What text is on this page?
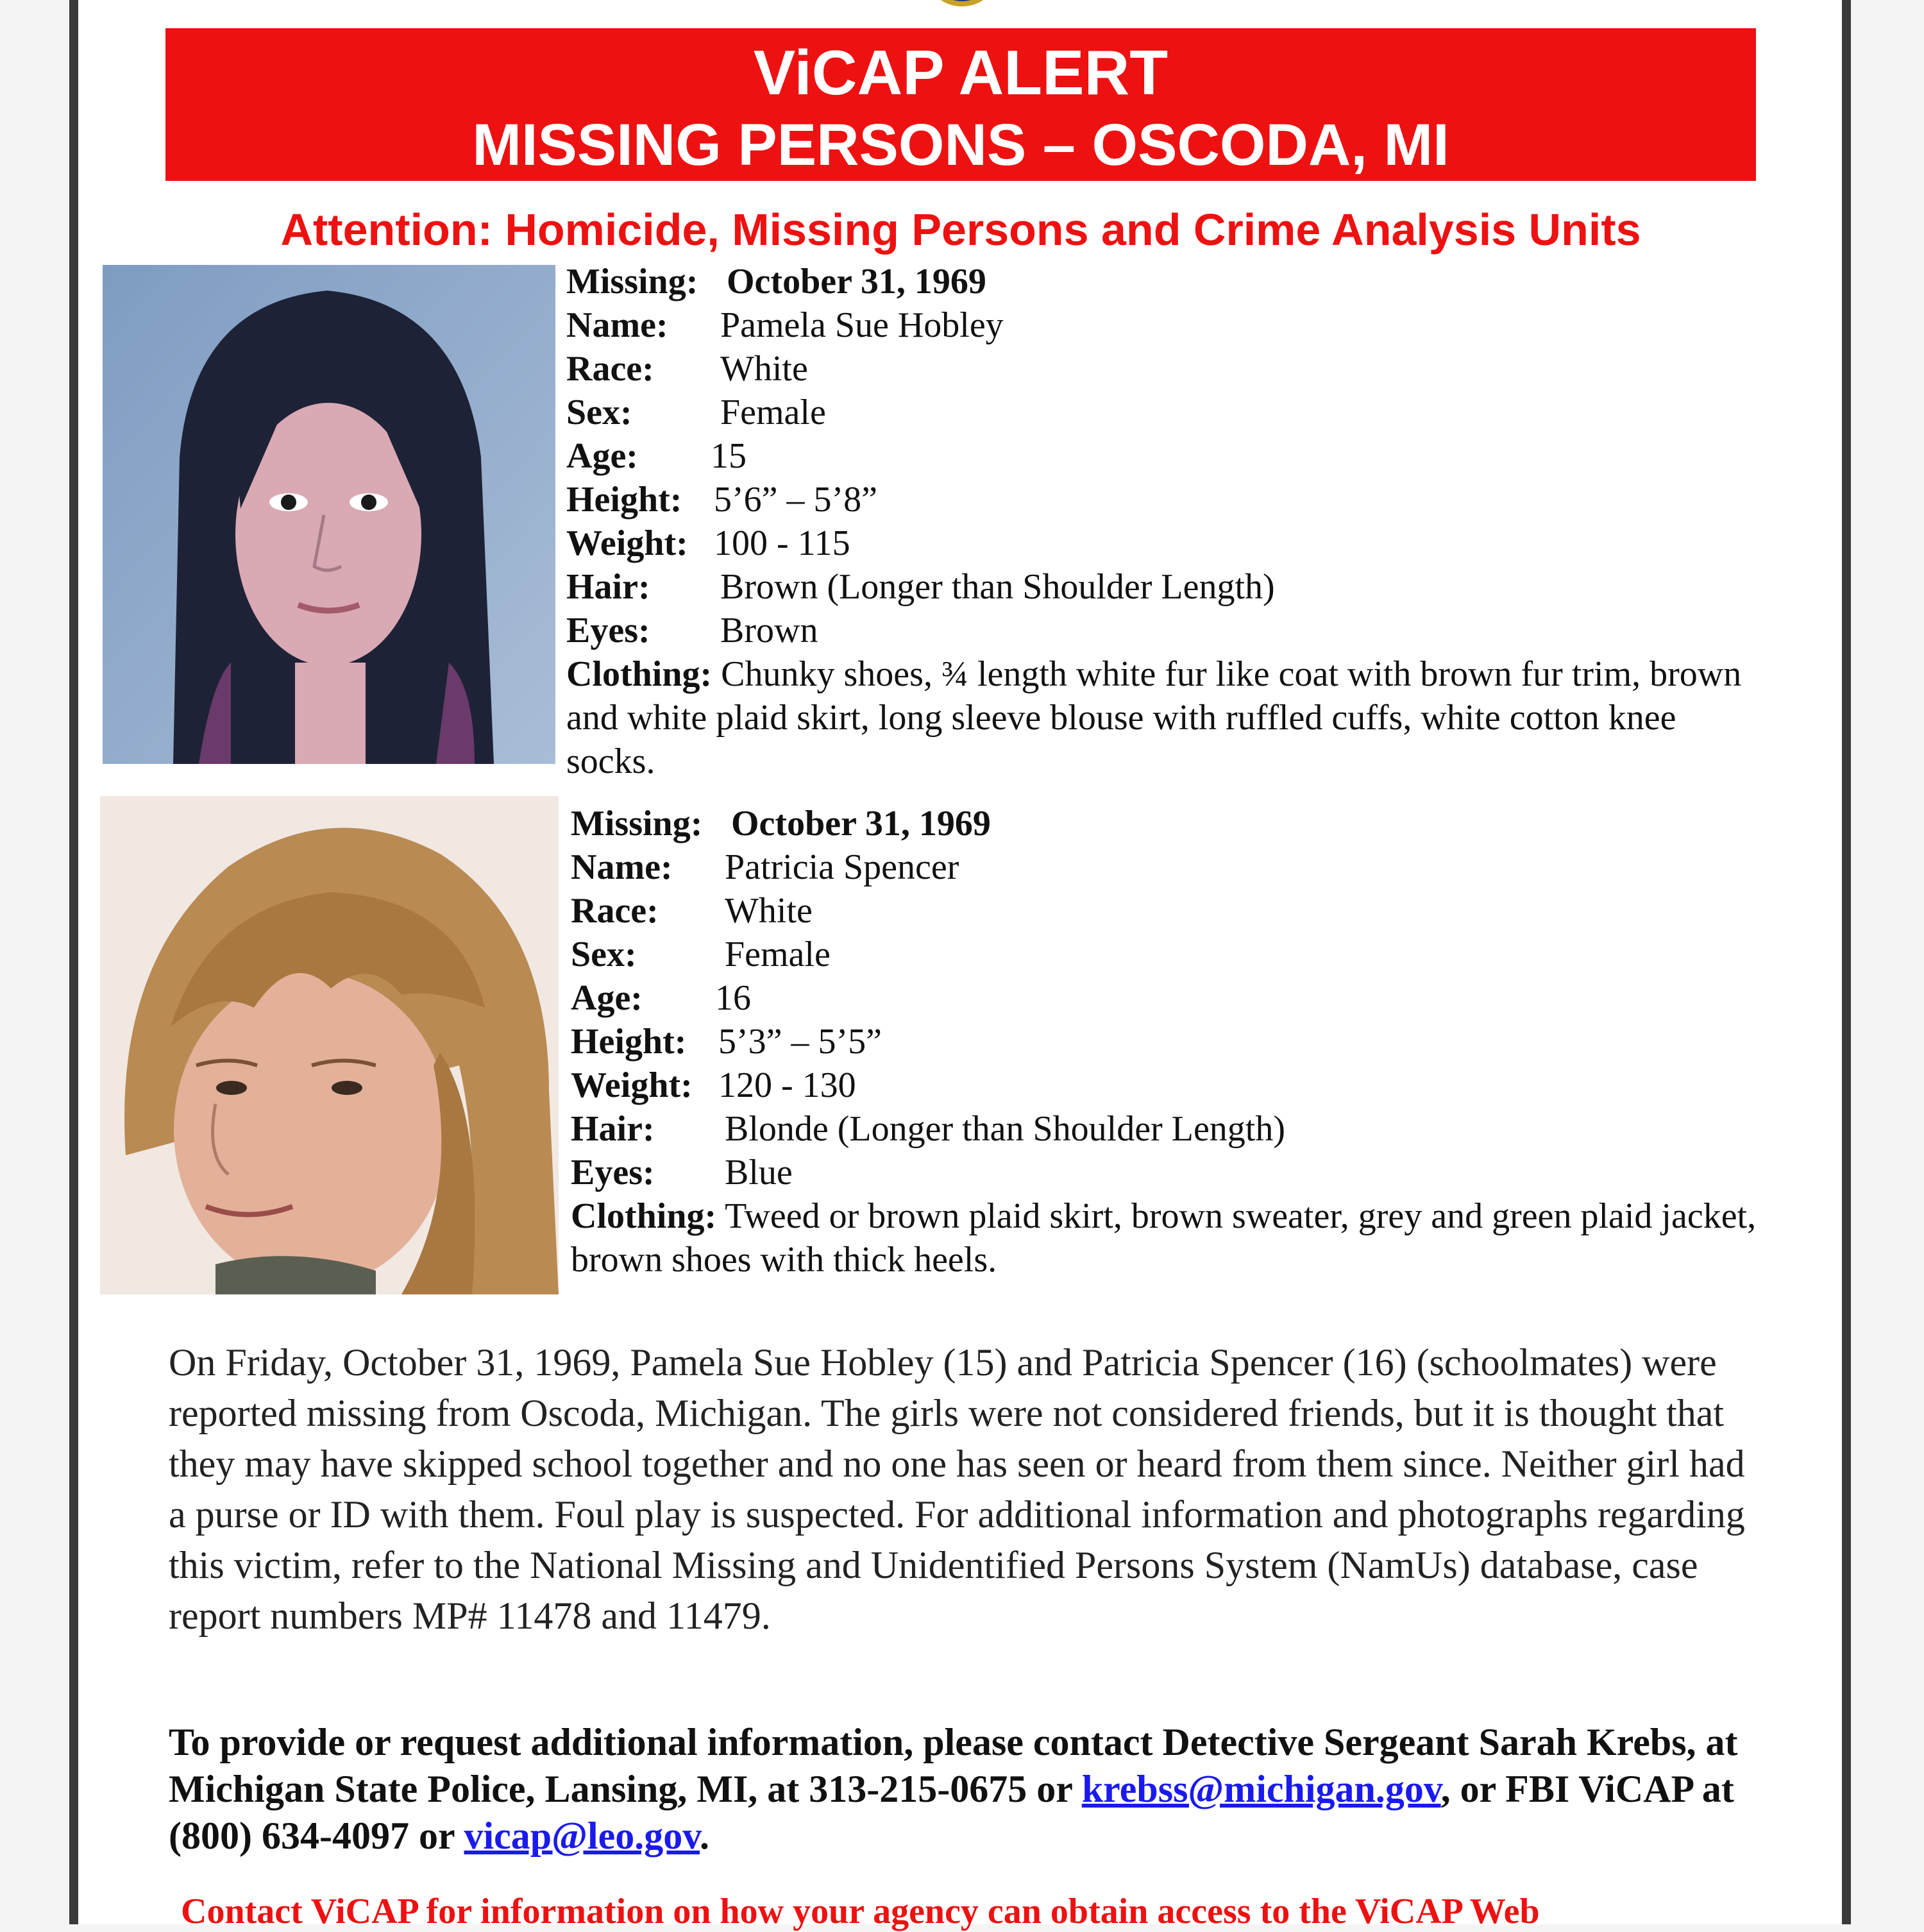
ViCAP ALERT
MISSING PERSONS – OSCODA, MI
Attention: Homicide, Missing Persons and Crime Analysis Units
Missing: October 31, 1969
Name: Pamela Sue Hobley
Race: White
Sex: Female
Age: 15
Height: 5’6” – 5’8”
Weight: 100 - 115
Hair: Brown (Longer than Shoulder Length)
Eyes: Brown

Clothing: Chunky shoes, ¾ length white fur like coat with brown fur trim, brown and white plaid skirt, long sleeve blouse with ruffled cuffs, white cotton knee socks.

Missing: October 31, 1969
Name: Patricia Spencer
Race: White
Sex: Female
Age: 16
Height: 5’3” – 5’5”
Weight: 120 - 130
Hair: Blonde (Longer than Shoulder Length)
Eyes: Blue

Clothing: Tweed or brown plaid skirt, brown sweater, grey and green plaid jacket, brown shoes with thick heels.

On Friday, October 31, 1969, Pamela Sue Hobley (15) and Patricia Spencer (16) (schoolmates) were reported missing from Oscoda, Michigan. The girls were not considered friends, but it is thought that they may have skipped school together and no one has seen or heard from them since. Neither girl had a purse or ID with them. Foul play is suspected. For additional information and photographs regarding this victim, refer to the National Missing and Unidentified Persons System (NamUs) database, case report numbers MP# 11478 and 11479.

To provide or request additional information, please contact Detective Sergeant Sarah Krebs, at Michigan State Police, Lansing, MI, at 313-215-0675 or krebss@michigan.gov, or FBI ViCAP at (800) 634-4097 or vicap@leo.gov.

Contact ViCAP for information on how your agency can obtain access to the ViCAP Web
